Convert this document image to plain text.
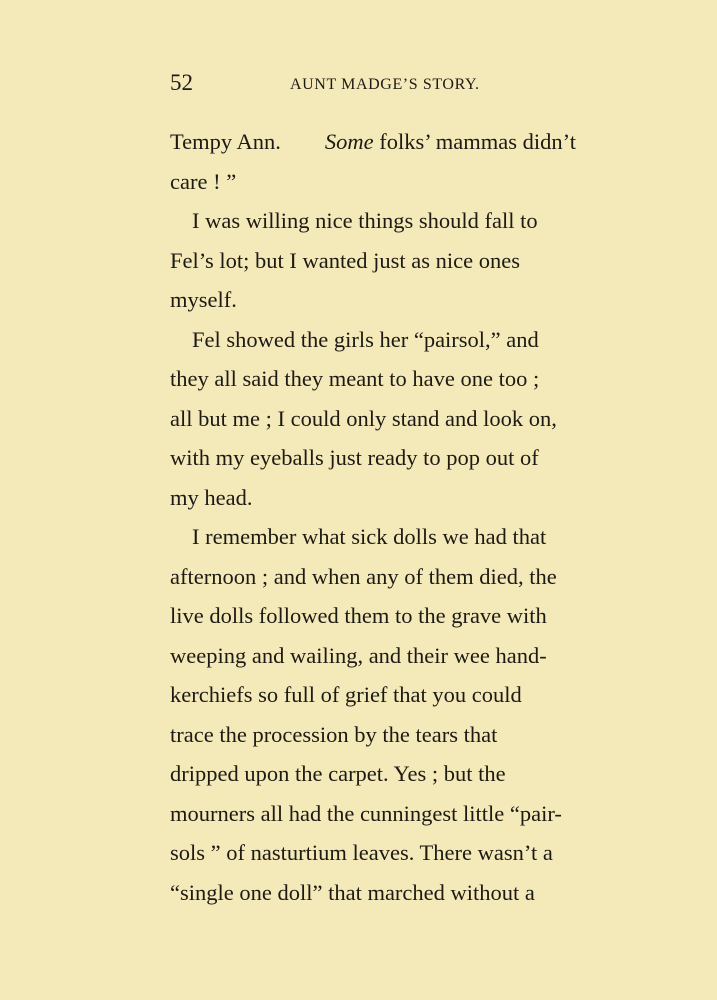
52	AUNT MADGE’S STORY.
Tempy Ann. Some folks’ mammas didn’t
care ! ”
I was willing nice things should fall to
Fel’s lot; but I wanted just as nice ones
myself.
Fel showed the girls her “pairsol,” and
they all said they meant to have one too ;
all but me ; I could only stand and look on,
with my eyeballs just ready to pop out of
my head.
I remember what sick dolls we had that
afternoon ; and when any of them died, the
live dolls followed them to the grave with
weeping and wailing, and their wee hand-
kerchiefs so full of grief that you could
trace the procession by the tears that
dripped upon the carpet. Yes ; but the
mourners all had the cunningest little “pair-
sols ” of nasturtium leaves. There wasn’t a
“single one doll” that marched without a
